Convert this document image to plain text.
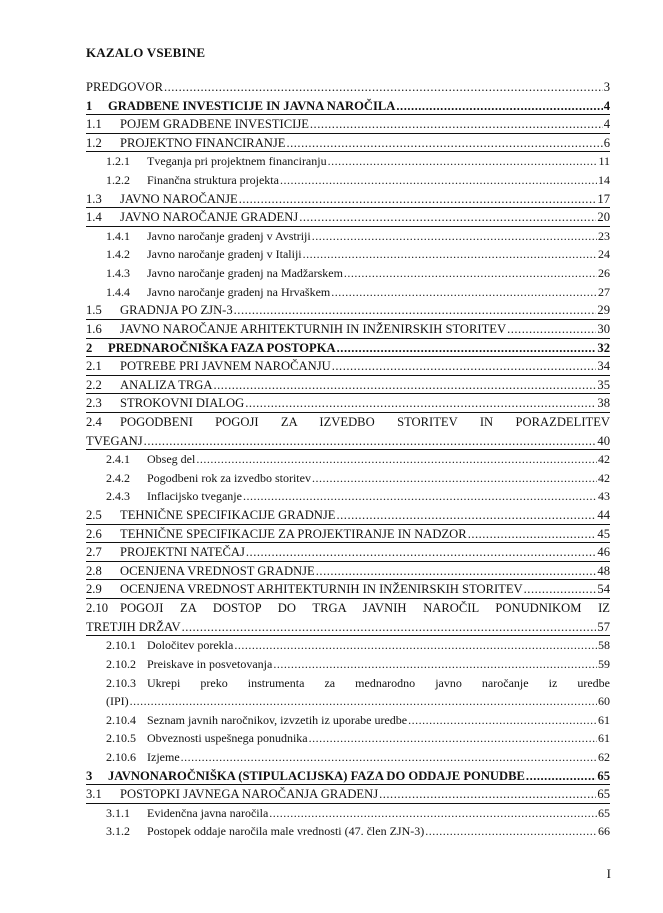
KAZALO VSEBINE
PREDGOVOR .....	3
1	GRADBENE INVESTICIJE IN JAVNA NAROČILA .....	4
1.1	POJEM GRADBENE INVESTICIJE .....	4
1.2	PROJEKTNO FINANCIRANJE .....	6
1.2.1	Tveganja pri projektnem financiranju .....	11
1.2.2	Finančna struktura projekta .....	14
1.3	JAVNO NAROČANJE .....	17
1.4	JAVNO NAROČANJE GRADENJ .....	20
1.4.1	Javno naročanje gradenj v Avstriji .....	23
1.4.2	Javno naročanje gradenj v Italiji .....	24
1.4.3	Javno naročanje gradenj na Madžarskem .....	26
1.4.4	Javno naročanje gradenj na Hrvaškem .....	27
1.5	GRADNJA PO ZJN-3 .....	29
1.6	JAVNO NAROČANJE ARHITEKTURNIH IN INŽENIRSKIH STORITEV .....	30
2	PREDNAROČNIŠKA FAZA POSTOPKA .....	32
2.1	POTREBE PRI JAVNEM NAROČANJU .....	34
2.2	ANALIZA TRGA .....	35
2.3	STROKOVNI DIALOG .....	38
2.4	POGODBENI POGOJI ZA IZVEDBO STORITEV IN PORAZDELITEV
TVEGANJ .....	40
2.4.1	Obseg del .....	42
2.4.2	Pogodbeni rok za izvedbo storitev .....	42
2.4.3	Inflacijsko tveganje .....	43
2.5	TEHNIČNE SPECIFIKACIJE GRADNJE .....	44
2.6	TEHNIČNE SPECIFIKACIJE ZA PROJEKTIRANJE IN NADZOR .....	45
2.7	PROJEKTNI NATEČAJ .....	46
2.8	OCENJENA VREDNOST GRADNJE .....	48
2.9	OCENJENA VREDNOST ARHITEKTURNIH IN INŽENIRSKIH STORITEV .....	54
2.10 POGOJI ZA DOSTOP DO TRGA JAVNIH NAROČIL PONUDNIKOM IZ
TRETJIH DRŽAV .....	57
2.10.1 Določitev porekla .....	58
2.10.2 Preiskave in posvetovanja .....	59
2.10.3 Ukrepi preko instrumenta za mednarodno javno naročanje iz uredbe
(IPI) .....	60
2.10.4 Seznam javnih naročnikov, izvzetih iz uporabe uredbe .....	61
2.10.5 Obveznosti uspešnega ponudnika .....	61
2.10.6 Izjeme .....	62
3	JAVNONAROČNIŠKA (STIPULACIJSKA) FAZA DO ODDAJE PONUDBE .....	65
3.1	POSTOPKI JAVNEGA NAROČANJA GRADENJ .....	65
3.1.1	Evidenčna javna naročila .....	65
3.1.2	Postopek oddaje naročila male vrednosti (47. člen ZJN-3) .....	66
I
